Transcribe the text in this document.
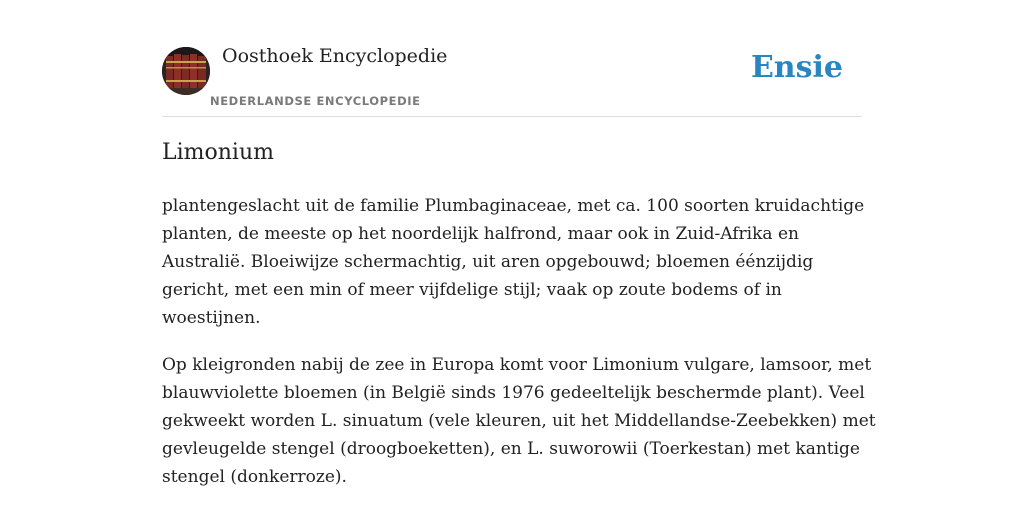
Oosthoek Encyclopedie
NEDERLANDSE ENCYCLOPEDIE
Ensie
Limonium

plantengeslacht uit de familie Plumbaginaceae, met ca. 100 soorten kruidachtige
planten, de meeste op het noordelijk halfrond, maar ook in Zuid-Afrika en
Australië. Bloeiwijze schermachtig, uit aren opgebouwd; bloemen éénzijdig
gericht, met een min of meer vijfdelige stijl; vaak op zoute bodems of in
woestijnen.

Op kleigronden nabij de zee in Europa komt voor Limonium vulgare, lamsoor, met
blauwviolette bloemen (in België sinds 1976 gedeeltelijk beschermde plant). Veel
gekweekt worden L. sinuatum (vele kleuren, uit het Middellandse-Zeebekken) met
gevleugelde stengel (droogboeketten), en L. suworowii (Toerkestan) met kantige
stengel (donkerroze).
